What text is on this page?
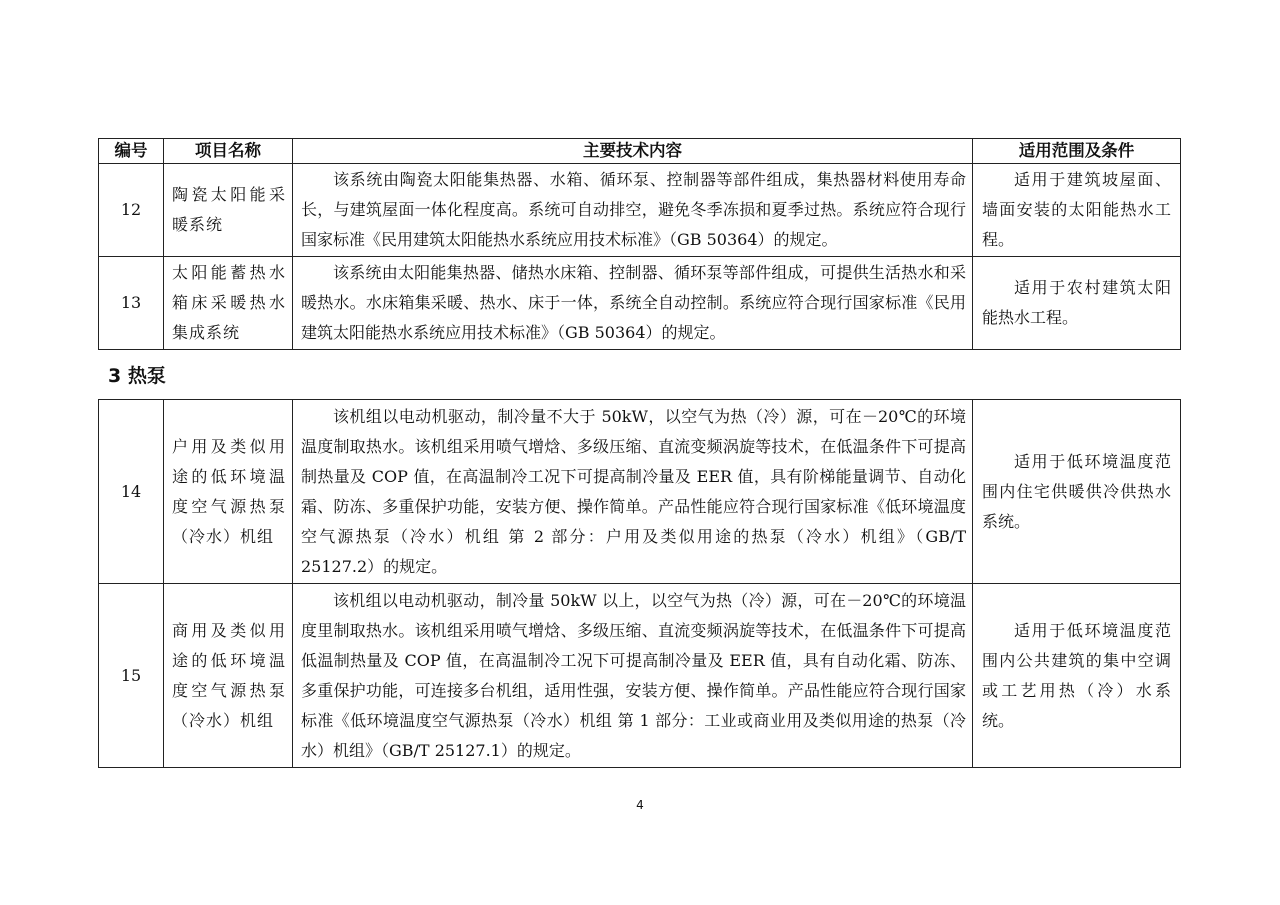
编号	项目名称	主要技术内容	适用范围及条件
12	陶瓷太阳能采暖系统	该系统由陶瓷太阳能集热器、水箱、循环泵、控制器等部件组成，集热器材料使用寿命长，与建筑屋面一体化程度高。系统可自动排空，避免冬季冻损和夏季过热。系统应符合现行国家标准《民用建筑太阳能热水系统应用技术标准》（GB 50364）的规定。	适用于建筑坡屋面、墙面安装的太阳能热水工程。

13	太阳能蓄热水箱床采暖热水集成系统	该系统由太阳能集热器、储热水床箱、控制器、循环泵等部件组成，可提供生活热水和采暖热水。水床箱集采暖、热水、床于一体，系统全自动控制。系统应符合现行国家标准《民用建筑太阳能热水系统应用技术标准》（GB 50364）的规定。	适用于农村建筑太阳能热水工程。
3 热泵
14	户用及类似用途的低环境温度空气源热泵（冷水）机组	该机组以电动机驱动，制冷量不大于 50kW，以空气为热（冷）源，可在－20℃的环境温度制取热水。该机组采用喷气增焓、多级压缩、直流变频涡旋等技术，在低温条件下可提高制热量及 COP 值，在高温制冷工况下可提高制冷量及 EER 值，具有阶梯能量调节、自动化霜、防冻、多重保护功能，安装方便、操作简单。产品性能应符合现行国家标准《低环境温度空气源热泵（冷水）机组 第 2 部分：户用及类似用途的热泵（冷水）机组》（GB/T 25127.2）的规定。	适用于低环境温度范围内住宅供暖供冷供热水系统。

15	商用及类似用途的低环境温度空气源热泵（冷水）机组	该机组以电动机驱动，制冷量 50kW 以上，以空气为热（冷）源，可在－20℃的环境温度里制取热水。该机组采用喷气增焓、多级压缩、直流变频涡旋等技术，在低温条件下可提高低温制热量及 COP 值，在高温制冷工况下可提高制冷量及 EER 值，具有自动化霜、防冻、多重保护功能，可连接多台机组，适用性强，安装方便、操作简单。产品性能应符合现行国家标准《低环境温度空气源热泵（冷水）机组 第 1 部分：工业或商业用及类似用途的热泵（冷水）机组》（GB/T 25127.1）的规定。	适用于低环境温度范围内公共建筑的集中空调或工艺用热（冷）水系统。
4
